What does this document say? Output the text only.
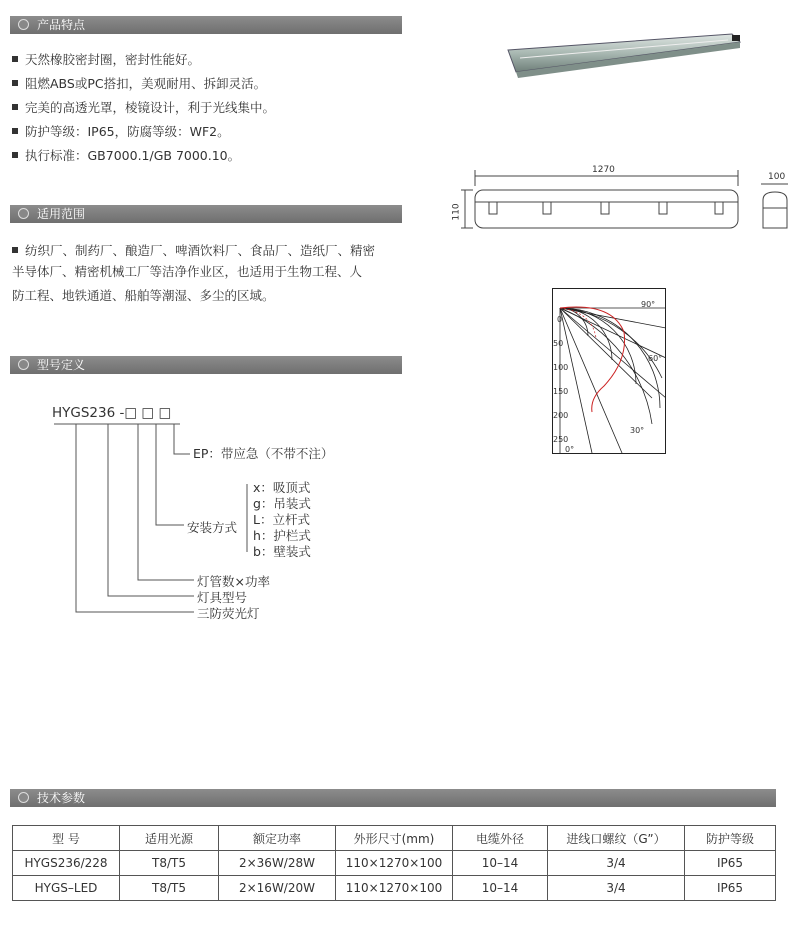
产品特点
适用范围
型号定义
技术参数
天然橡胶密封圈，密封性能好。
阻燃ABS或PC搭扣，美观耐用、拆卸灵活。
完美的高透光罩，棱镜设计，利于光线集中。
防护等级：IP65，防腐等级：WF2。
执行标准：GB7000.1/GB 7000.10。
纺织厂、制药厂、酿造厂、啤酒饮料厂、食品厂、造纸厂、精密
半导体厂、精密机械工厂等洁净作业区，也适用于生物工程、人
防工程、地铁通道、船舶等潮湿、多尘的区域。
HYGS236 -□ □ □
EP：带应急（不带不注）
安装方式
x：吸顶式
g：吊装式
L：立杆式
h：护栏式
b：壁装式
灯管数×功率
灯具型号
三防荧光灯
1270
110
100
0
50
100
150
200
250
90°
60°
30°
0°
型 号	适用光源	额定功率	外形尺寸(mm)	电缆外径	进线口螺纹（G”）	防护等级
HYGS236/228	T8/T5	2×36W/28W	110×1270×100	10–14	3/4	IP65
HYGS–LED	T8/T5	2×16W/20W	110×1270×100	10–14	3/4	IP65
